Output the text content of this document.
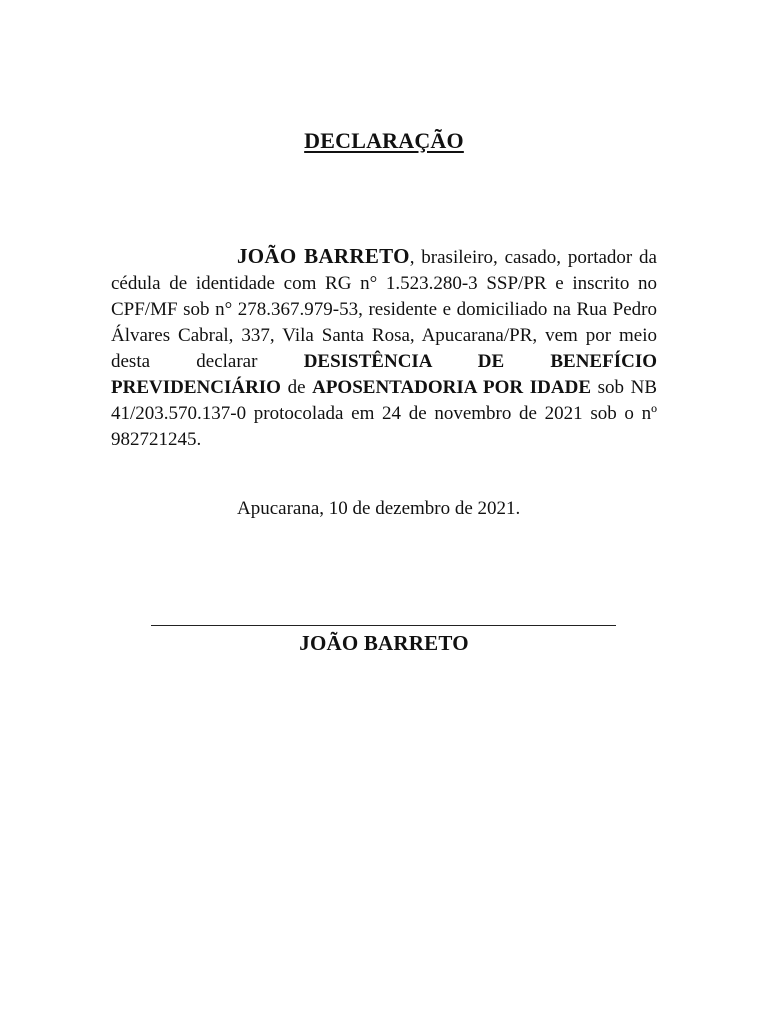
DECLARAÇÃO
JOÃO BARRETO, brasileiro, casado, portador da cédula de identidade com RG n° 1.523.280-3 SSP/PR e inscrito no CPF/MF sob n° 278.367.979-53, residente e domiciliado na Rua Pedro Álvares Cabral, 337, Vila Santa Rosa, Apucarana/PR, vem por meio desta declarar DESISTÊNCIA DE BENEFÍCIO PREVIDENCIÁRIO de APOSENTADORIA POR IDADE sob NB 41/203.570.137-0 protocolada em 24 de novembro de 2021 sob o nº 982721245.
Apucarana, 10 de dezembro de 2021.
JOÃO BARRETO
